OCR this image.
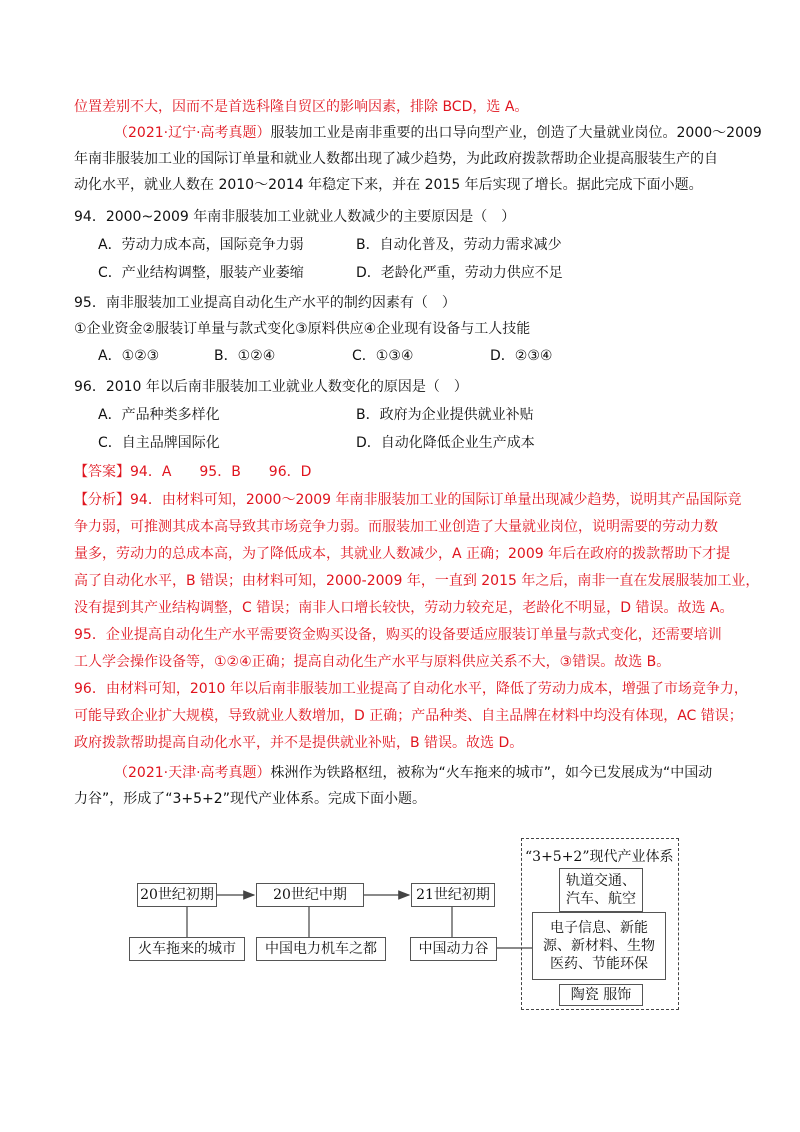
位置差别不大，因而不是首选科隆自贸区的影响因素，排除 BCD，选 A。
（2021·辽宁·高考真题）服装加工业是南非重要的出口导向型产业，创造了大量就业岗位。2000～2009
年南非服装加工业的国际订单量和就业人数都出现了减少趋势，为此政府拨款帮助企业提高服装生产的自
动化水平，就业人数在 2010～2014 年稳定下来，并在 2015 年后实现了增长。据此完成下面小题。
94．2000~2009 年南非服装加工业就业人数减少的主要原因是（　）
A．劳动力成本高，国际竞争力弱	B．自动化普及，劳动力需求减少
C．产业结构调整，服装产业萎缩	D．老龄化严重，劳动力供应不足
95．南非服装加工业提高自动化生产水平的制约因素有（　）
①企业资金②服装订单量与款式变化③原料供应④企业现有设备与工人技能
A．①②③	B．①②④	C．①③④	D．②③④
96．2010 年以后南非服装加工业就业人数变化的原因是（　）
A．产品种类多样化	B．政府为企业提供就业补贴
C．自主品牌国际化	D．自动化降低企业生产成本
【答案】94．A　　95．B　　96．D
【分析】94．由材料可知，2000～2009 年南非服装加工业的国际订单量出现减少趋势，说明其产品国际竞
争力弱，可推测其成本高导致其市场竞争力弱。而服装加工业创造了大量就业岗位，说明需要的劳动力数
量多，劳动力的总成本高，为了降低成本，其就业人数减少，A 正确；2009 年后在政府的拨款帮助下才提
高了自动化水平，B 错误；由材料可知，2000-2009 年，一直到 2015 年之后，南非一直在发展服装加工业，
没有提到其产业结构调整，C 错误；南非人口增长较快，劳动力较充足，老龄化不明显，D 错误。故选 A。
95．企业提高自动化生产水平需要资金购买设备，购买的设备要适应服装订单量与款式变化，还需要培训
工人学会操作设备等，①②④正确；提高自动化生产水平与原料供应关系不大，③错误。故选 B。
96．由材料可知，2010 年以后南非服装加工业提高了自动化水平，降低了劳动力成本，增强了市场竞争力，
可能导致企业扩大规模，导致就业人数增加，D 正确；产品种类、自主品牌在材料中均没有体现，AC 错误；
政府拨款帮助提高自动化水平，并不是提供就业补贴，B 错误。故选 D。
（2021·天津·高考真题）株洲作为铁路枢纽，被称为“火车拖来的城市”，如今已发展成为“中国动
力谷”，形成了“3+5+2”现代产业体系。完成下面小题。
20世纪初期	20世纪中期	21世纪初期
火车拖来的城市	中国电力机车之都	中国动力谷
“3+5+2”现代产业体系
轨道交通、汽车、航空
电子信息、新能源、新材料、生物医药、节能环保
陶瓷 服饰
